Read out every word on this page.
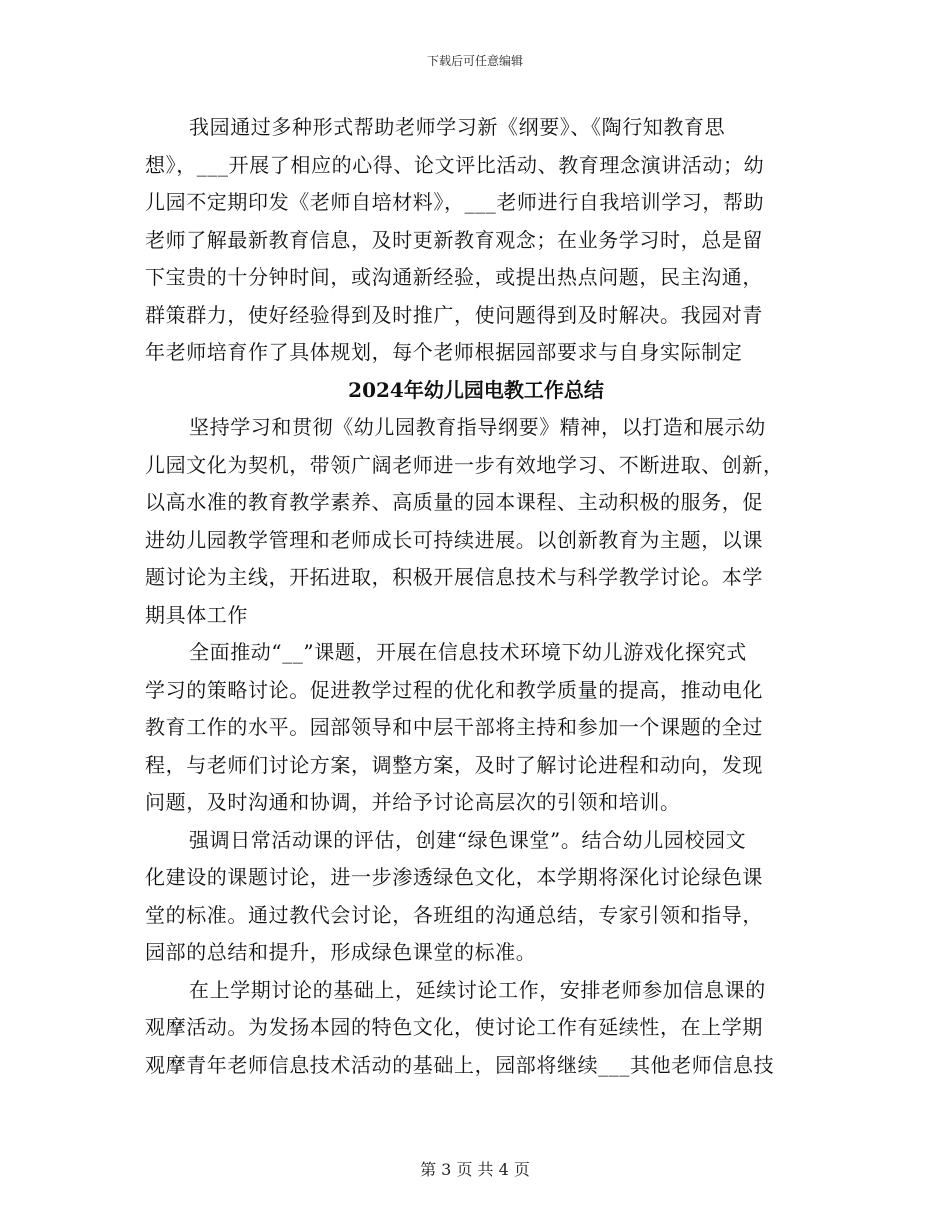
下载后可任意编辑
我园通过多种形式帮助老师学习新《纲要》、《陶行知教育思
想》，___开展了相应的心得、论文评比活动、教育理念演讲活动；幼
儿园不定期印发《老师自培材料》，___老师进行自我培训学习，帮助
老师了解最新教育信息，及时更新教育观念；在业务学习时，总是留
下宝贵的十分钟时间，或沟通新经验，或提出热点问题，民主沟通，
群策群力，使好经验得到及时推广，使问题得到及时解决。我园对青
年老师培育作了具体规划，每个老师根据园部要求与自身实际制定
2024年幼儿园电教工作总结
坚持学习和贯彻《幼儿园教育指导纲要》精神，以打造和展示幼
儿园文化为契机，带领广阔老师进一步有效地学习、不断进取、创新，
以高水准的教育教学素养、高质量的园本课程、主动积极的服务，促
进幼儿园教学管理和老师成长可持续进展。以创新教育为主题，以课
题讨论为主线，开拓进取，积极开展信息技术与科学教学讨论。本学
期具体工作
全面推动“__”课题，开展在信息技术环境下幼儿游戏化探究式
学习的策略讨论。促进教学过程的优化和教学质量的提高，推动电化
教育工作的水平。园部领导和中层干部将主持和参加一个课题的全过
程，与老师们讨论方案，调整方案，及时了解讨论进程和动向，发现
问题，及时沟通和协调，并给予讨论高层次的引领和培训。
强调日常活动课的评估，创建“绿色课堂”。结合幼儿园校园文
化建设的课题讨论，进一步渗透绿色文化，本学期将深化讨论绿色课
堂的标准。通过教代会讨论，各班组的沟通总结，专家引领和指导，
园部的总结和提升，形成绿色课堂的标准。
在上学期讨论的基础上，延续讨论工作，安排老师参加信息课的
观摩活动。为发扬本园的特色文化，使讨论工作有延续性，在上学期
观摩青年老师信息技术活动的基础上，园部将继续___其他老师信息技
第 3 页 共 4 页
